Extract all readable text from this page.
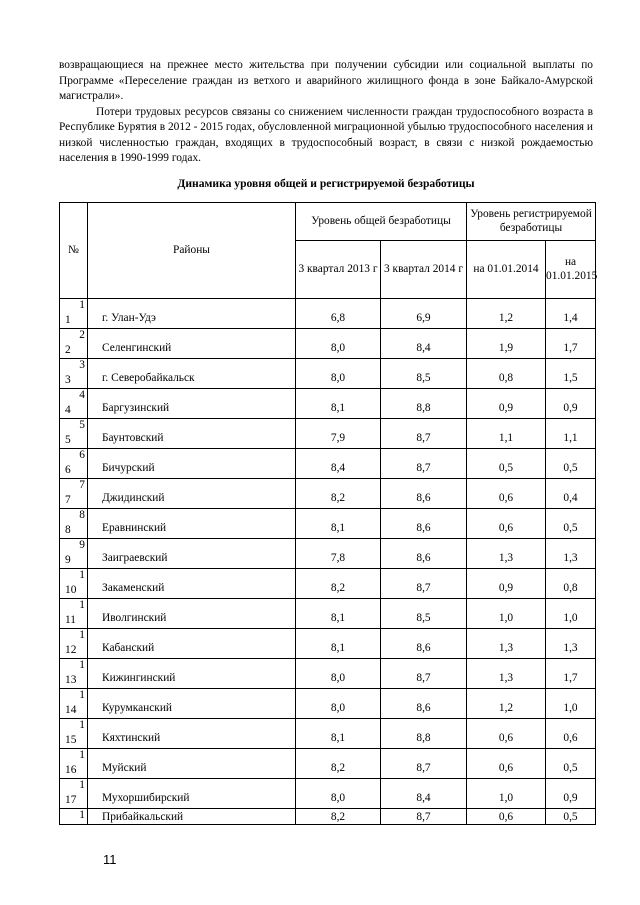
возвращающиеся на прежнее место жительства при получении субсидии или социальной выплаты по Программе «Переселение граждан из ветхого и аварийного жилищного фонда в зоне Байкало-Амурской магистрали».

Потери трудовых ресурсов связаны со снижением численности граждан трудоспособного возраста в Республике Бурятия в 2012 - 2015 годах, обусловленной миграционной убылью трудоспособного населения и низкой численностью граждан, входящих в трудоспособный возраст, в связи с низкой рождаемостью населения в 1990-1999 годах.

Динамика уровня общей и регистрируемой безработицы
№	Районы	Уровень общей безработицы		Уровень регистрируемой безработицы	
		3 квартал 2013 г	3 квартал 2014 г	на 01.01.2014	на 01.01.2015

1
1	г. Улан-Удэ	6,8	6,9	1,2	1,4

2
2	Селенгинский	8,0	8,4	1,9	1,7

3
3	г. Северобайкальск	8,0	8,5	0,8	1,5

4
4	Баргузинский	8,1	8,8	0,9	0,9

5
5	Баунтовский	7,9	8,7	1,1	1,1

6
6	Бичурский	8,4	8,7	0,5	0,5

7
7	Джидинский	8,2	8,6	0,6	0,4

8
8	Еравнинский	8,1	8,6	0,6	0,5

9
9	Заиграевский	7,8	8,6	1,3	1,3

1
10	Закаменский	8,2	8,7	0,9	0,8

1
11	Иволгинский	8,1	8,5	1,0	1,0

1
12	Кабанский	8,1	8,6	1,3	1,3

1
13	Кижингинский	8,0	8,7	1,3	1,7

1
14	Курумканский	8,0	8,6	1,2	1,0

1
15	Кяхтинский	8,1	8,8	0,6	0,6

1
16	Муйский	8,2	8,7	0,6	0,5

1
17	Мухоршибирский	8,0	8,4	1,0	0,9

1	Прибайкальский	8,2	8,7	0,6	0,5
11
